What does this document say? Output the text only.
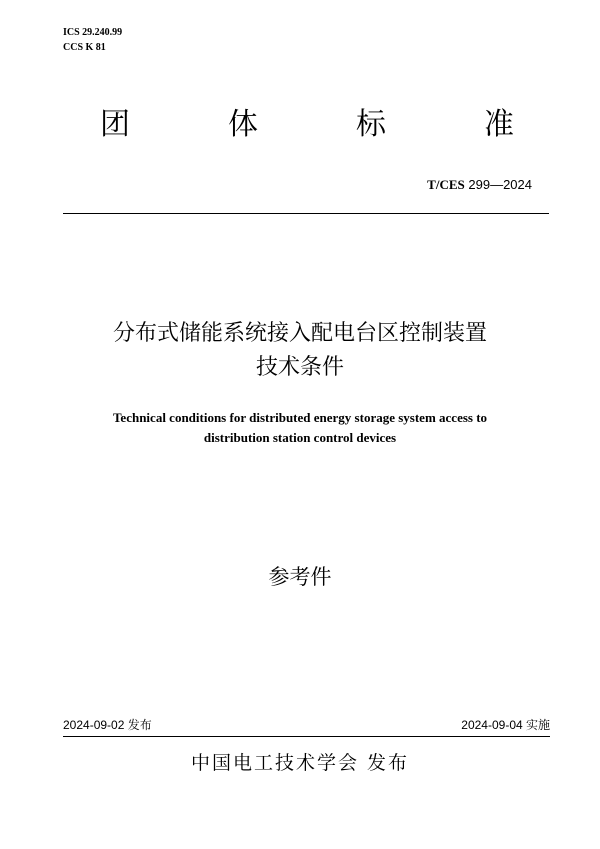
ICS 29.240.99
CCS K 81
团	体	标	准
T/CES 299—2024
分布式储能系统接入配电台区控制装置
技术条件
Technical conditions for distributed energy storage system access to
distribution station control devices
参考件
2024-09-02 发布	2024-09-04 实施
中国电工技术学会 发布
